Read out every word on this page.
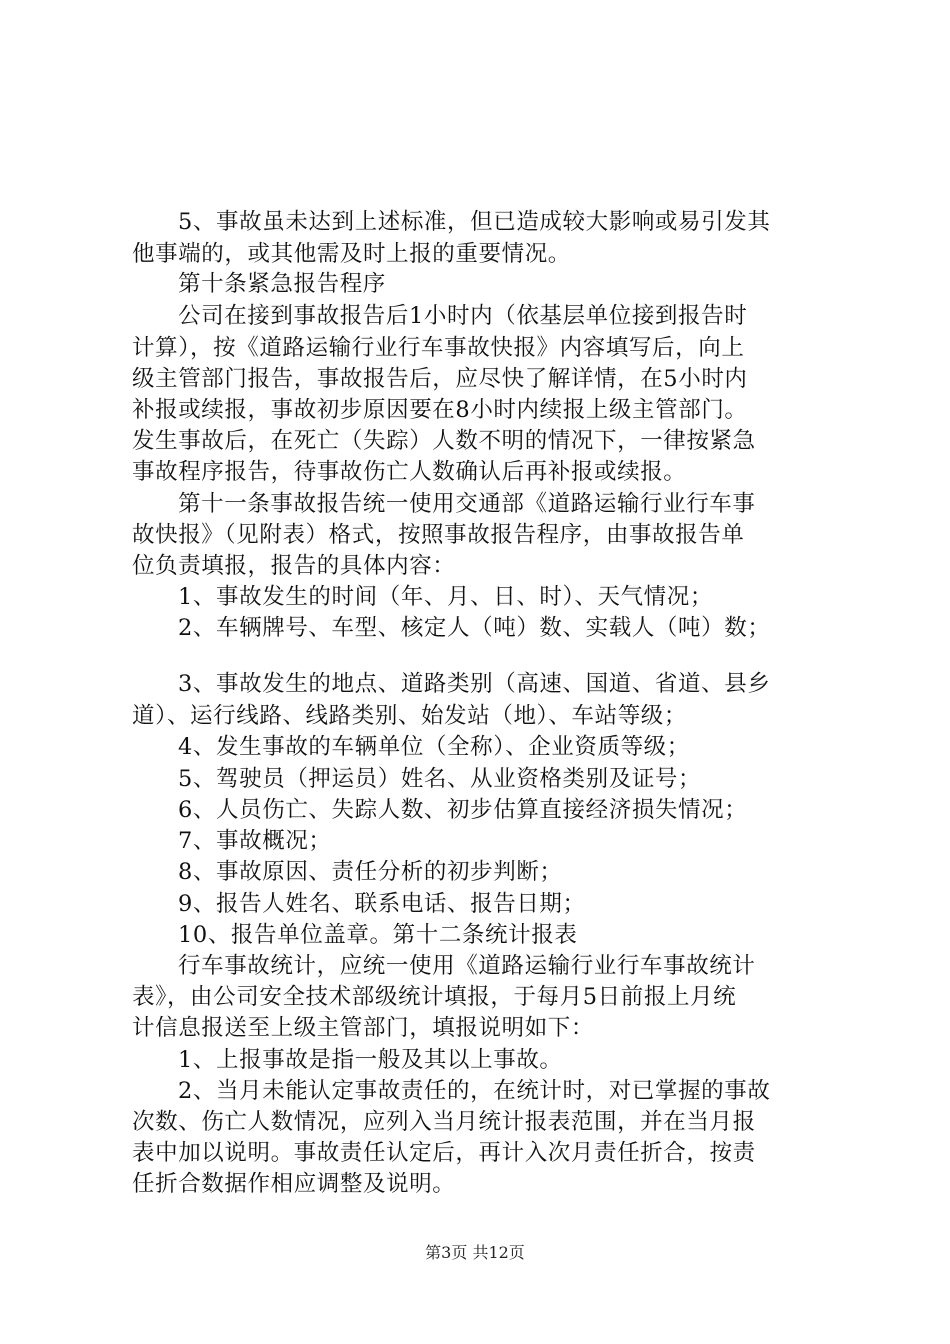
5、事故虽未达到上述标准，但已造成较大影响或易引发其
他事端的，或其他需及时上报的重要情况。
第十条紧急报告程序
公司在接到事故报告后1小时内（依基层单位接到报告时
计算），按《道路运输行业行车事故快报》内容填写后，向上
级主管部门报告，事故报告后，应尽快了解详情，在5小时内
补报或续报，事故初步原因要在8小时内续报上级主管部门。
发生事故后，在死亡（失踪）人数不明的情况下，一律按紧急
事故程序报告，待事故伤亡人数确认后再补报或续报。
第十一条事故报告统一使用交通部《道路运输行业行车事
故快报》（见附表）格式，按照事故报告程序，由事故报告单
位负责填报，报告的具体内容：
1、事故发生的时间（年、月、日、时）、天气情况；
2、车辆牌号、车型、核定人（吨）数、实载人（吨）数；
3、事故发生的地点、道路类别（高速、国道、省道、县乡
道）、运行线路、线路类别、始发站（地）、车站等级；
4、发生事故的车辆单位（全称）、企业资质等级；
5、驾驶员（押运员）姓名、从业资格类别及证号；
6、人员伤亡、失踪人数、初步估算直接经济损失情况；
7、事故概况；
8、事故原因、责任分析的初步判断；
9、报告人姓名、联系电话、报告日期；
10、报告单位盖章。第十二条统计报表
行车事故统计，应统一使用《道路运输行业行车事故统计
表》，由公司安全技术部级统计填报，于每月5日前报上月统
计信息报送至上级主管部门，填报说明如下：
1、上报事故是指一般及其以上事故。
2、当月未能认定事故责任的，在统计时，对已掌握的事故
次数、伤亡人数情况，应列入当月统计报表范围，并在当月报
表中加以说明。事故责任认定后，再计入次月责任折合，按责
任折合数据作相应调整及说明。
第3页 共12页
